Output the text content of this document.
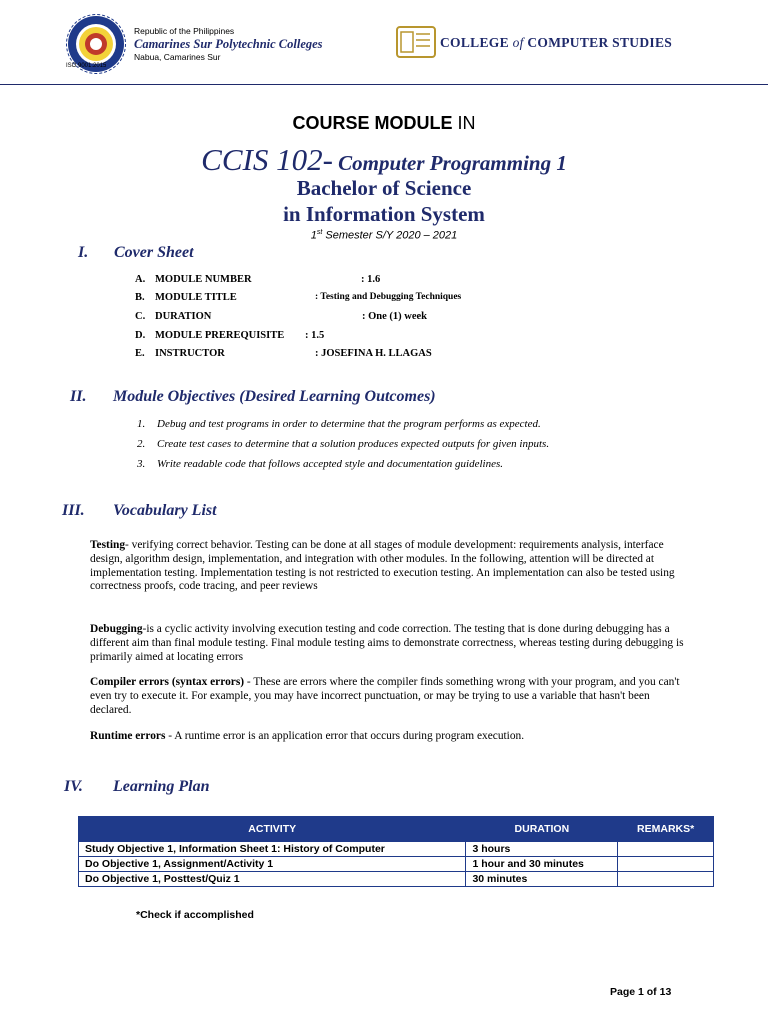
ISO 9001:2015
Republic of the Philippines
Camarines Sur Polytechnic Colleges
Nabua, Camarines Sur
COLLEGE of COMPUTER STUDIES
COURSE MODULE IN
CCIS 102- Computer Programming 1
Bachelor of Science
in Information System
1st Semester S/Y 2020 – 2021
I. Cover Sheet
A. MODULE NUMBER	: 1.6
B. MODULE TITLE	: Testing and Debugging Techniques
C. DURATION	: One (1) week
D. MODULE PREREQUISITE : 1.5
E. INSTRUCTOR	: JOSEFINA H. LLAGAS
II. Module Objectives (Desired Learning Outcomes)
1. Debug and test programs in order to determine that the program performs as expected.
2. Create test cases to determine that a solution produces expected outputs for given inputs.
3. Write readable code that follows accepted style and documentation guidelines.
III. Vocabulary List
Testing- verifying correct behavior. Testing can be done at all stages of module development: requirements analysis, interface design, algorithm design, implementation, and integration with other modules. In the following, attention will be directed at implementation testing. Implementation testing is not restricted to execution testing. An implementation can also be tested using correctness proofs, code tracing, and peer reviews
Debugging-is a cyclic activity involving execution testing and code correction. The testing that is done during debugging has a different aim than final module testing. Final module testing aims to demonstrate correctness, whereas testing during debugging is primarily aimed at locating errors
Compiler errors (syntax errors) - These are errors where the compiler finds something wrong with your program, and you can't even try to execute it. For example, you may have incorrect punctuation, or may be trying to use a variable that hasn't been declared.
Runtime errors - A runtime error is an application error that occurs during program execution.
IV. Learning Plan
ACTIVITY	DURATION	REMARKS*
Study Objective 1, Information Sheet 1: History of Computer	3 hours	
Do Objective 1, Assignment/Activity 1	1 hour and 30 minutes	
Do Objective 1, Posttest/Quiz 1	30 minutes	
*Check if accomplished
Page 1 of 13
